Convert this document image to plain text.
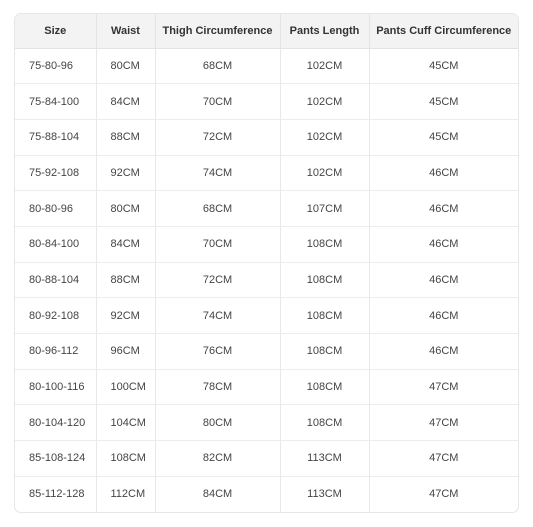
Size	Waist	Thigh Circumference	Pants Length	Pants Cuff Circumference
75-80-96	80CM	68CM	102CM	45CM
75-84-100	84CM	70CM	102CM	45CM
75-88-104	88CM	72CM	102CM	45CM
75-92-108	92CM	74CM	102CM	46CM
80-80-96	80CM	68CM	107CM	46CM
80-84-100	84CM	70CM	108CM	46CM
80-88-104	88CM	72CM	108CM	46CM
80-92-108	92CM	74CM	108CM	46CM
80-96-112	96CM	76CM	108CM	46CM
80-100-116	100CM	78CM	108CM	47CM
80-104-120	104CM	80CM	108CM	47CM
85-108-124	108CM	82CM	113CM	47CM
85-112-128	112CM	84CM	113CM	47CM
